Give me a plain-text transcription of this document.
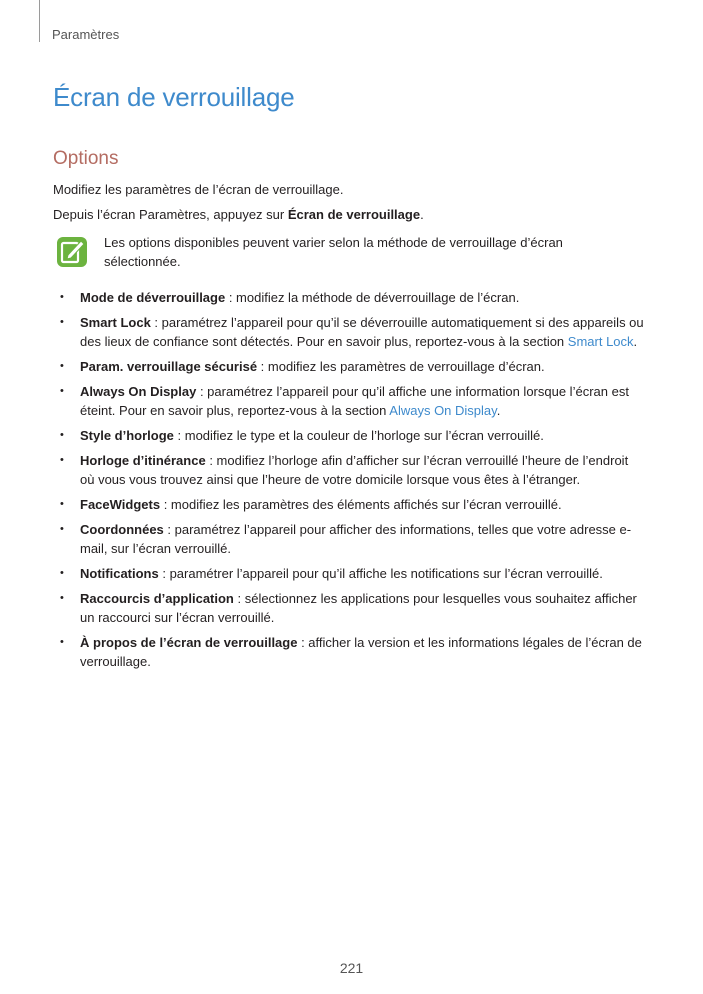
Paramètres
Écran de verrouillage
Options

Modifiez les paramètres de l’écran de verrouillage.

Depuis l’écran Paramètres, appuyez sur Écran de verrouillage.

Les options disponibles peuvent varier selon la méthode de verrouillage d’écran sélectionnée.

• Mode de déverrouillage : modifiez la méthode de déverrouillage de l’écran.
• Smart Lock : paramétrez l’appareil pour qu’il se déverrouille automatiquement si des appareils ou des lieux de confiance sont détectés. Pour en savoir plus, reportez-vous à la section Smart Lock.
• Param. verrouillage sécurisé : modifiez les paramètres de verrouillage d’écran.
• Always On Display : paramétrez l’appareil pour qu’il affiche une information lorsque l’écran est éteint. Pour en savoir plus, reportez-vous à la section Always On Display.
• Style d’horloge : modifiez le type et la couleur de l’horloge sur l’écran verrouillé.
• Horloge d’itinérance : modifiez l’horloge afin d’afficher sur l’écran verrouillé l’heure de l’endroit où vous vous trouvez ainsi que l’heure de votre domicile lorsque vous êtes à l’étranger.
• FaceWidgets : modifiez les paramètres des éléments affichés sur l’écran verrouillé.
• Coordonnées : paramétrez l’appareil pour afficher des informations, telles que votre adresse e-mail, sur l’écran verrouillé.
• Notifications : paramétrer l’appareil pour qu’il affiche les notifications sur l’écran verrouillé.
• Raccourcis d’application : sélectionnez les applications pour lesquelles vous souhaitez afficher un raccourci sur l’écran verrouillé.
• À propos de l’écran de verrouillage : afficher la version et les informations légales de l’écran de verrouillage.
221
